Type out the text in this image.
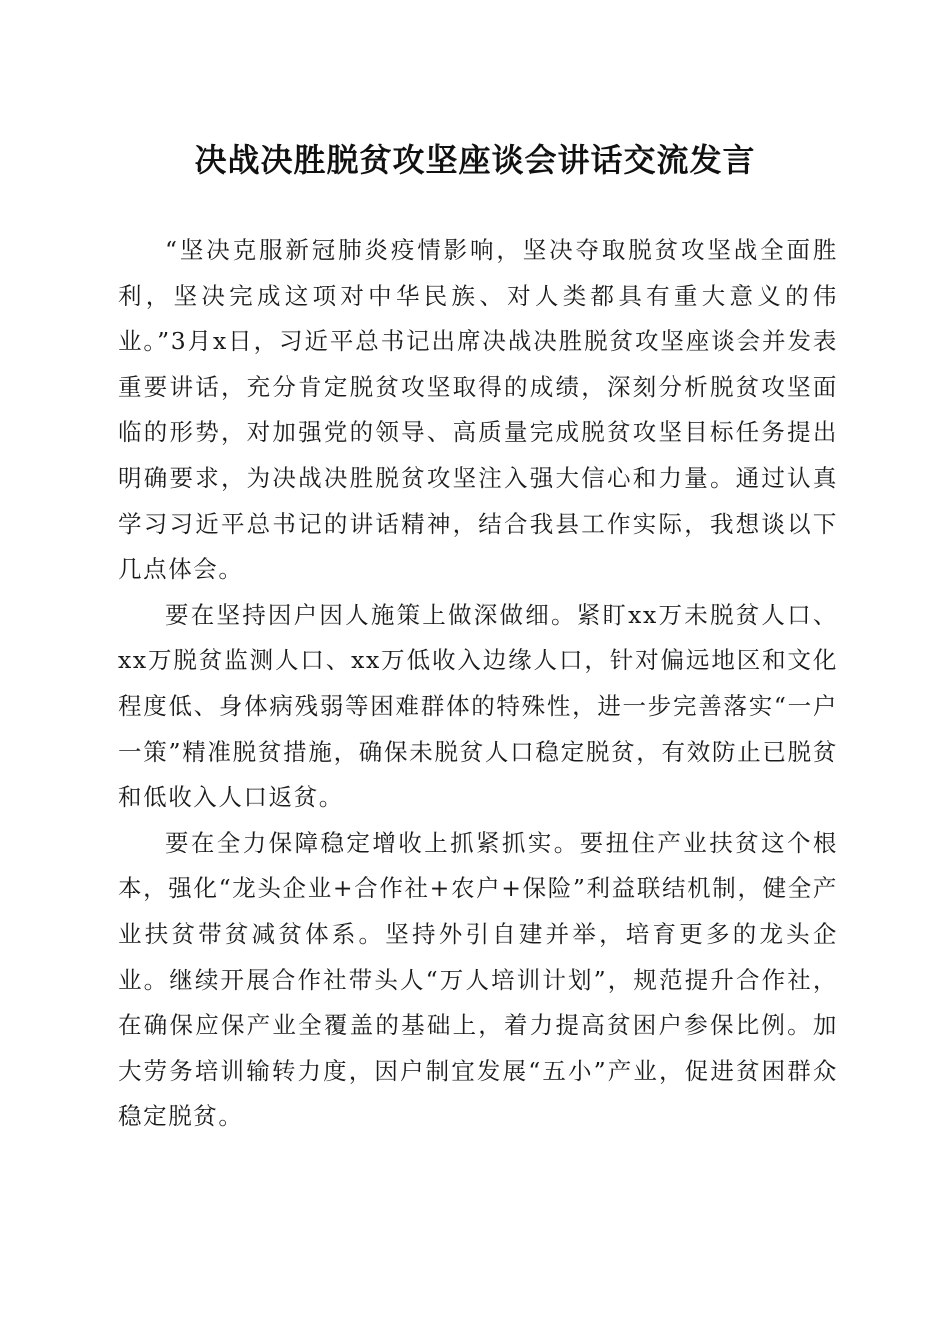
决战决胜脱贫攻坚座谈会讲话交流发言

“坚决克服新冠肺炎疫情影响，坚决夺取脱贫攻坚战全面胜利，坚决完成这项对中华民族、对人类都具有重大意义的伟业。”3月x日，习近平总书记出席决战决胜脱贫攻坚座谈会并发表重要讲话，充分肯定脱贫攻坚取得的成绩，深刻分析脱贫攻坚面临的形势，对加强党的领导、高质量完成脱贫攻坚目标任务提出明确要求，为决战决胜脱贫攻坚注入强大信心和力量。通过认真学习习近平总书记的讲话精神，结合我县工作实际，我想谈以下几点体会。

要在坚持因户因人施策上做深做细。紧盯xx万未脱贫人口、xx万脱贫监测人口、xx万低收入边缘人口，针对偏远地区和文化程度低、身体病残弱等困难群体的特殊性，进一步完善落实“一户一策”精准脱贫措施，确保未脱贫人口稳定脱贫，有效防止已脱贫和低收入人口返贫。

要在全力保障稳定增收上抓紧抓实。要扭住产业扶贫这个根本，强化“龙头企业+合作社+农户+保险”利益联结机制，健全产业扶贫带贫减贫体系。坚持外引自建并举，培育更多的龙头企业。继续开展合作社带头人“万人培训计划”，规范提升合作社，在确保应保产业全覆盖的基础上，着力提高贫困户参保比例。加大劳务培训输转力度，因户制宜发展“五小”产业，促进贫困群众稳定脱贫。
